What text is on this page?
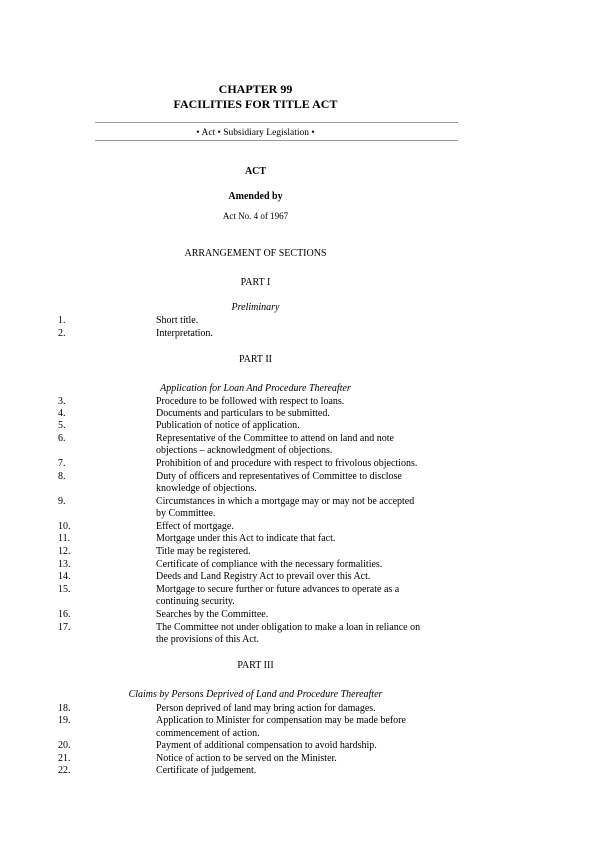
CHAPTER 99
FACILITIES FOR TITLE ACT
• Act • Subsidiary Legislation •
ACT
Amended by
Act No. 4 of 1967
ARRANGEMENT OF SECTIONS
PART I
Preliminary
1.	Short title.
2.	Interpretation.
PART II
Application for Loan And Procedure Thereafter
3.	Procedure to be followed with respect to loans.
4.	Documents and particulars to be submitted.
5.	Publication of notice of application.
6.	Representative of the Committee to attend on land and note
objections – acknowledgment of objections.
7.	Prohibition of and procedure with respect to frivolous objections.
8.	Duty of officers and representatives of Committee to disclose
knowledge of objections.
9.	Circumstances in which a mortgage may or may not be accepted
by Committee.
10.	Effect of mortgage.
11.	Mortgage under this Act to indicate that fact.
12.	Title may be registered.
13.	Certificate of compliance with the necessary formalities.
14.	Deeds and Land Registry Act to prevail over this Act.
15.	Mortgage to secure further or future advances to operate as a
continuing security.
16.	Searches by the Committee.
17.	The Committee not under obligation to make a loan in reliance on
the provisions of this Act.
PART III
Claims by Persons Deprived of Land and Procedure Thereafter
18.	Person deprived of land may bring action for damages.
19.	Application to Minister for compensation may be made before
commencement of action.
20.	Payment of additional compensation to avoid hardship.
21.	Notice of action to be served on the Minister.
22.	Certificate of judgement.
